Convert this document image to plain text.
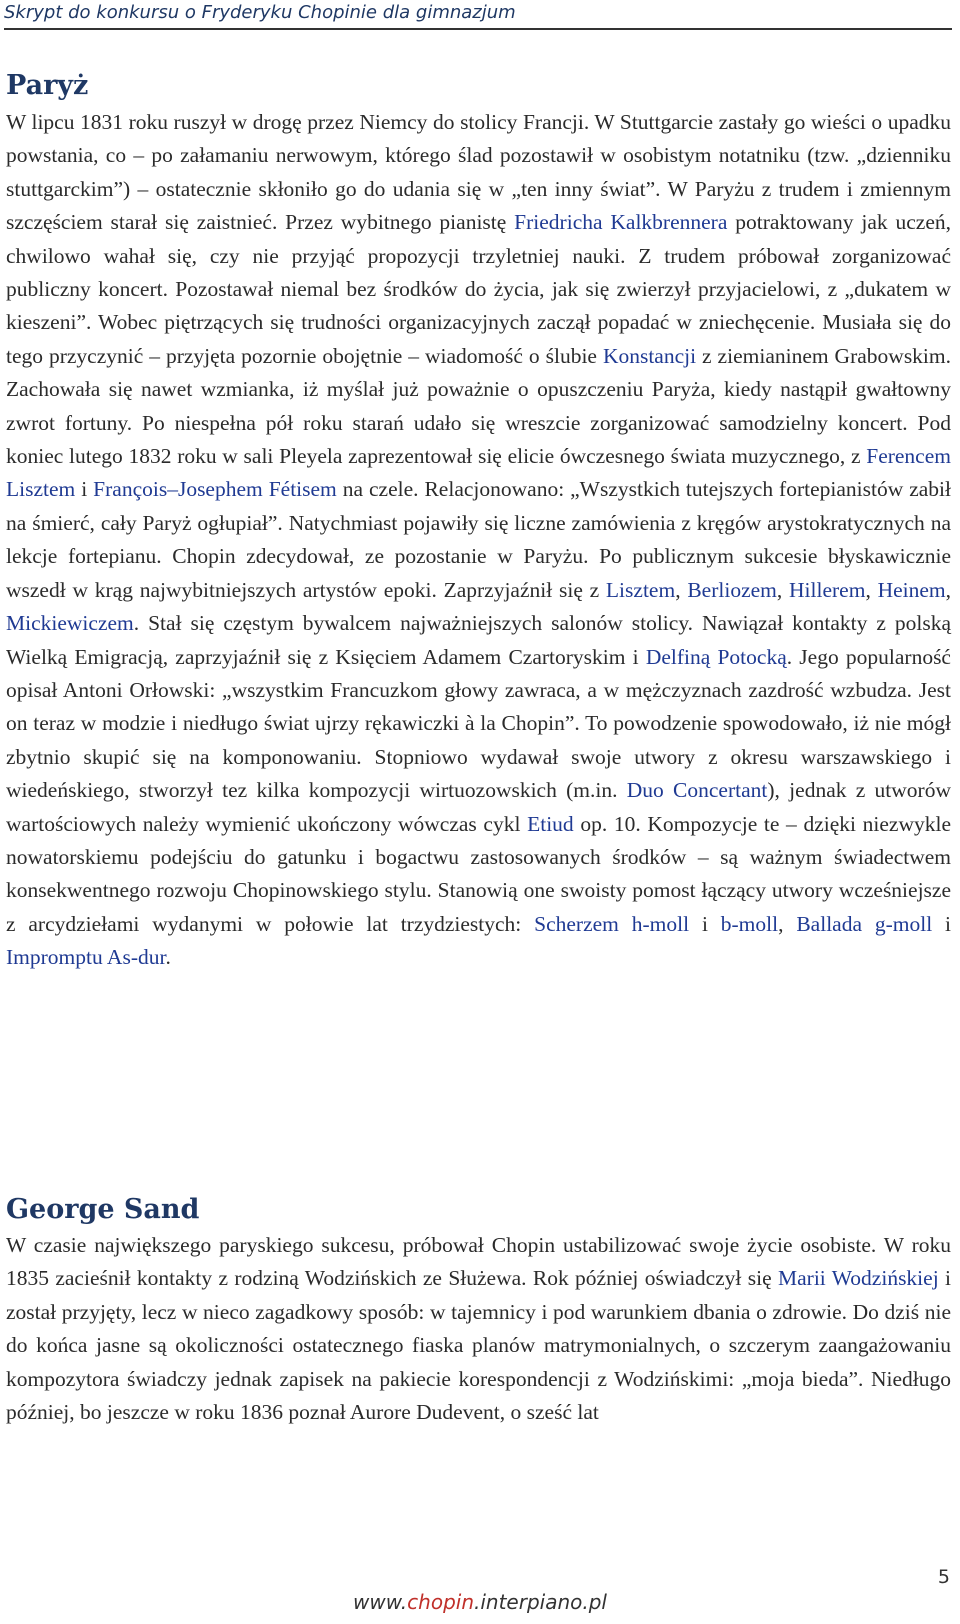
Skrypt do konkursu o Fryderyku Chopinie dla gimnazjum
Paryż

W lipcu 1831 roku ruszył w drogę przez Niemcy do stolicy Francji. W Stuttgarcie zastały go wieści o upadku powstania, co – po załamaniu nerwowym, którego ślad pozostawił w osobistym notatniku (tzw. „dzienniku stuttgarckim”) – ostatecznie skłoniło go do udania się w „ten inny świat”. W Paryżu z trudem i zmiennym szczęściem starał się zaistnieć. Przez wybitnego pianistę Friedricha Kalkbrennera potraktowany jak uczeń, chwilowo wahał się, czy nie przyjąć propozycji trzyletniej nauki. Z trudem próbował zorganizować publiczny koncert. Pozostawał niemal bez środków do życia, jak się zwierzył przyjacielowi, z „dukatem w kieszeni”. Wobec piętrzących się trudności organizacyjnych zaczął popadać w zniechęcenie. Musiała się do tego przyczynić – przyjęta pozornie obojętnie – wiadomość o ślubie Konstancji z ziemianinem Grabowskim. Zachowała się nawet wzmianka, iż myślał już poważnie o opuszczeniu Paryża, kiedy nastąpił gwałtowny zwrot fortuny. Po niespełna pół roku starań udało się wreszcie zorganizować samodzielny koncert. Pod koniec lutego 1832 roku w sali Pleyela zaprezentował się elicie ówczesnego świata muzycznego, z Ferencem Lisztem i François–Josephem Fétisem na czele. Relacjonowano: „Wszystkich tutejszych fortepianistów zabił na śmierć, cały Paryż ogłupiał”. Natychmiast pojawiły się liczne zamówienia z kręgów arystokratycznych na lekcje fortepianu. Chopin zdecydował, ze pozostanie w Paryżu. Po publicznym sukcesie błyskawicznie wszedł w krąg najwybitniejszych artystów epoki. Zaprzyjaźnił się z Lisztem, Berliozem, Hillerem, Heinem, Mickiewiczem. Stał się częstym bywalcem najważniejszych salonów stolicy. Nawiązał kontakty z polską Wielką Emigracją, zaprzyjaźnił się z Księciem Adamem Czartoryskim i Delfiną Potocką. Jego popularność opisał Antoni Orłowski: „wszystkim Francuzkom głowy zawraca, a w mężczyznach zazdrość wzbudza. Jest on teraz w modzie i niedługo świat ujrzy rękawiczki à la Chopin”. To powodzenie spowodowało, iż nie mógł zbytnio skupić się na komponowaniu. Stopniowo wydawał swoje utwory z okresu warszawskiego i wiedeńskiego, stworzył tez kilka kompozycji wirtuozowskich (m.in. Duo Concertant), jednak z utworów wartościowych należy wymienić ukończony wówczas cykl Etiud op. 10. Kompozycje te – dzięki niezwykle nowatorskiemu podejściu do gatunku i bogactwu zastosowanych środków – są ważnym świadectwem konsekwentnego rozwoju Chopinowskiego stylu. Stanowią one swoisty pomost łączący utwory wcześniejsze z arcydziełami wydanymi w połowie lat trzydziestych: Scherzem h-moll i b-moll, Ballada g-moll i Impromptu As-dur.

George Sand

W czasie największego paryskiego sukcesu, próbował Chopin ustabilizować swoje życie osobiste. W roku 1835 zacieśnił kontakty z rodziną Wodzińskich ze Służewa. Rok później oświadczył się Marii Wodzińskiej i został przyjęty, lecz w nieco zagadkowy sposób: w tajemnicy i pod warunkiem dbania o zdrowie. Do dziś nie do końca jasne są okoliczności ostatecznego fiaska planów matrymonialnych, o szczerym zaangażowaniu kompozytora świadczy jednak zapisek na pakiecie korespondencji z Wodzińskimi: „moja bieda”. Niedługo później, bo jeszcze w roku 1836 poznał Aurore Dudevent, o sześć lat

5
www.chopin.interpiano.pl
